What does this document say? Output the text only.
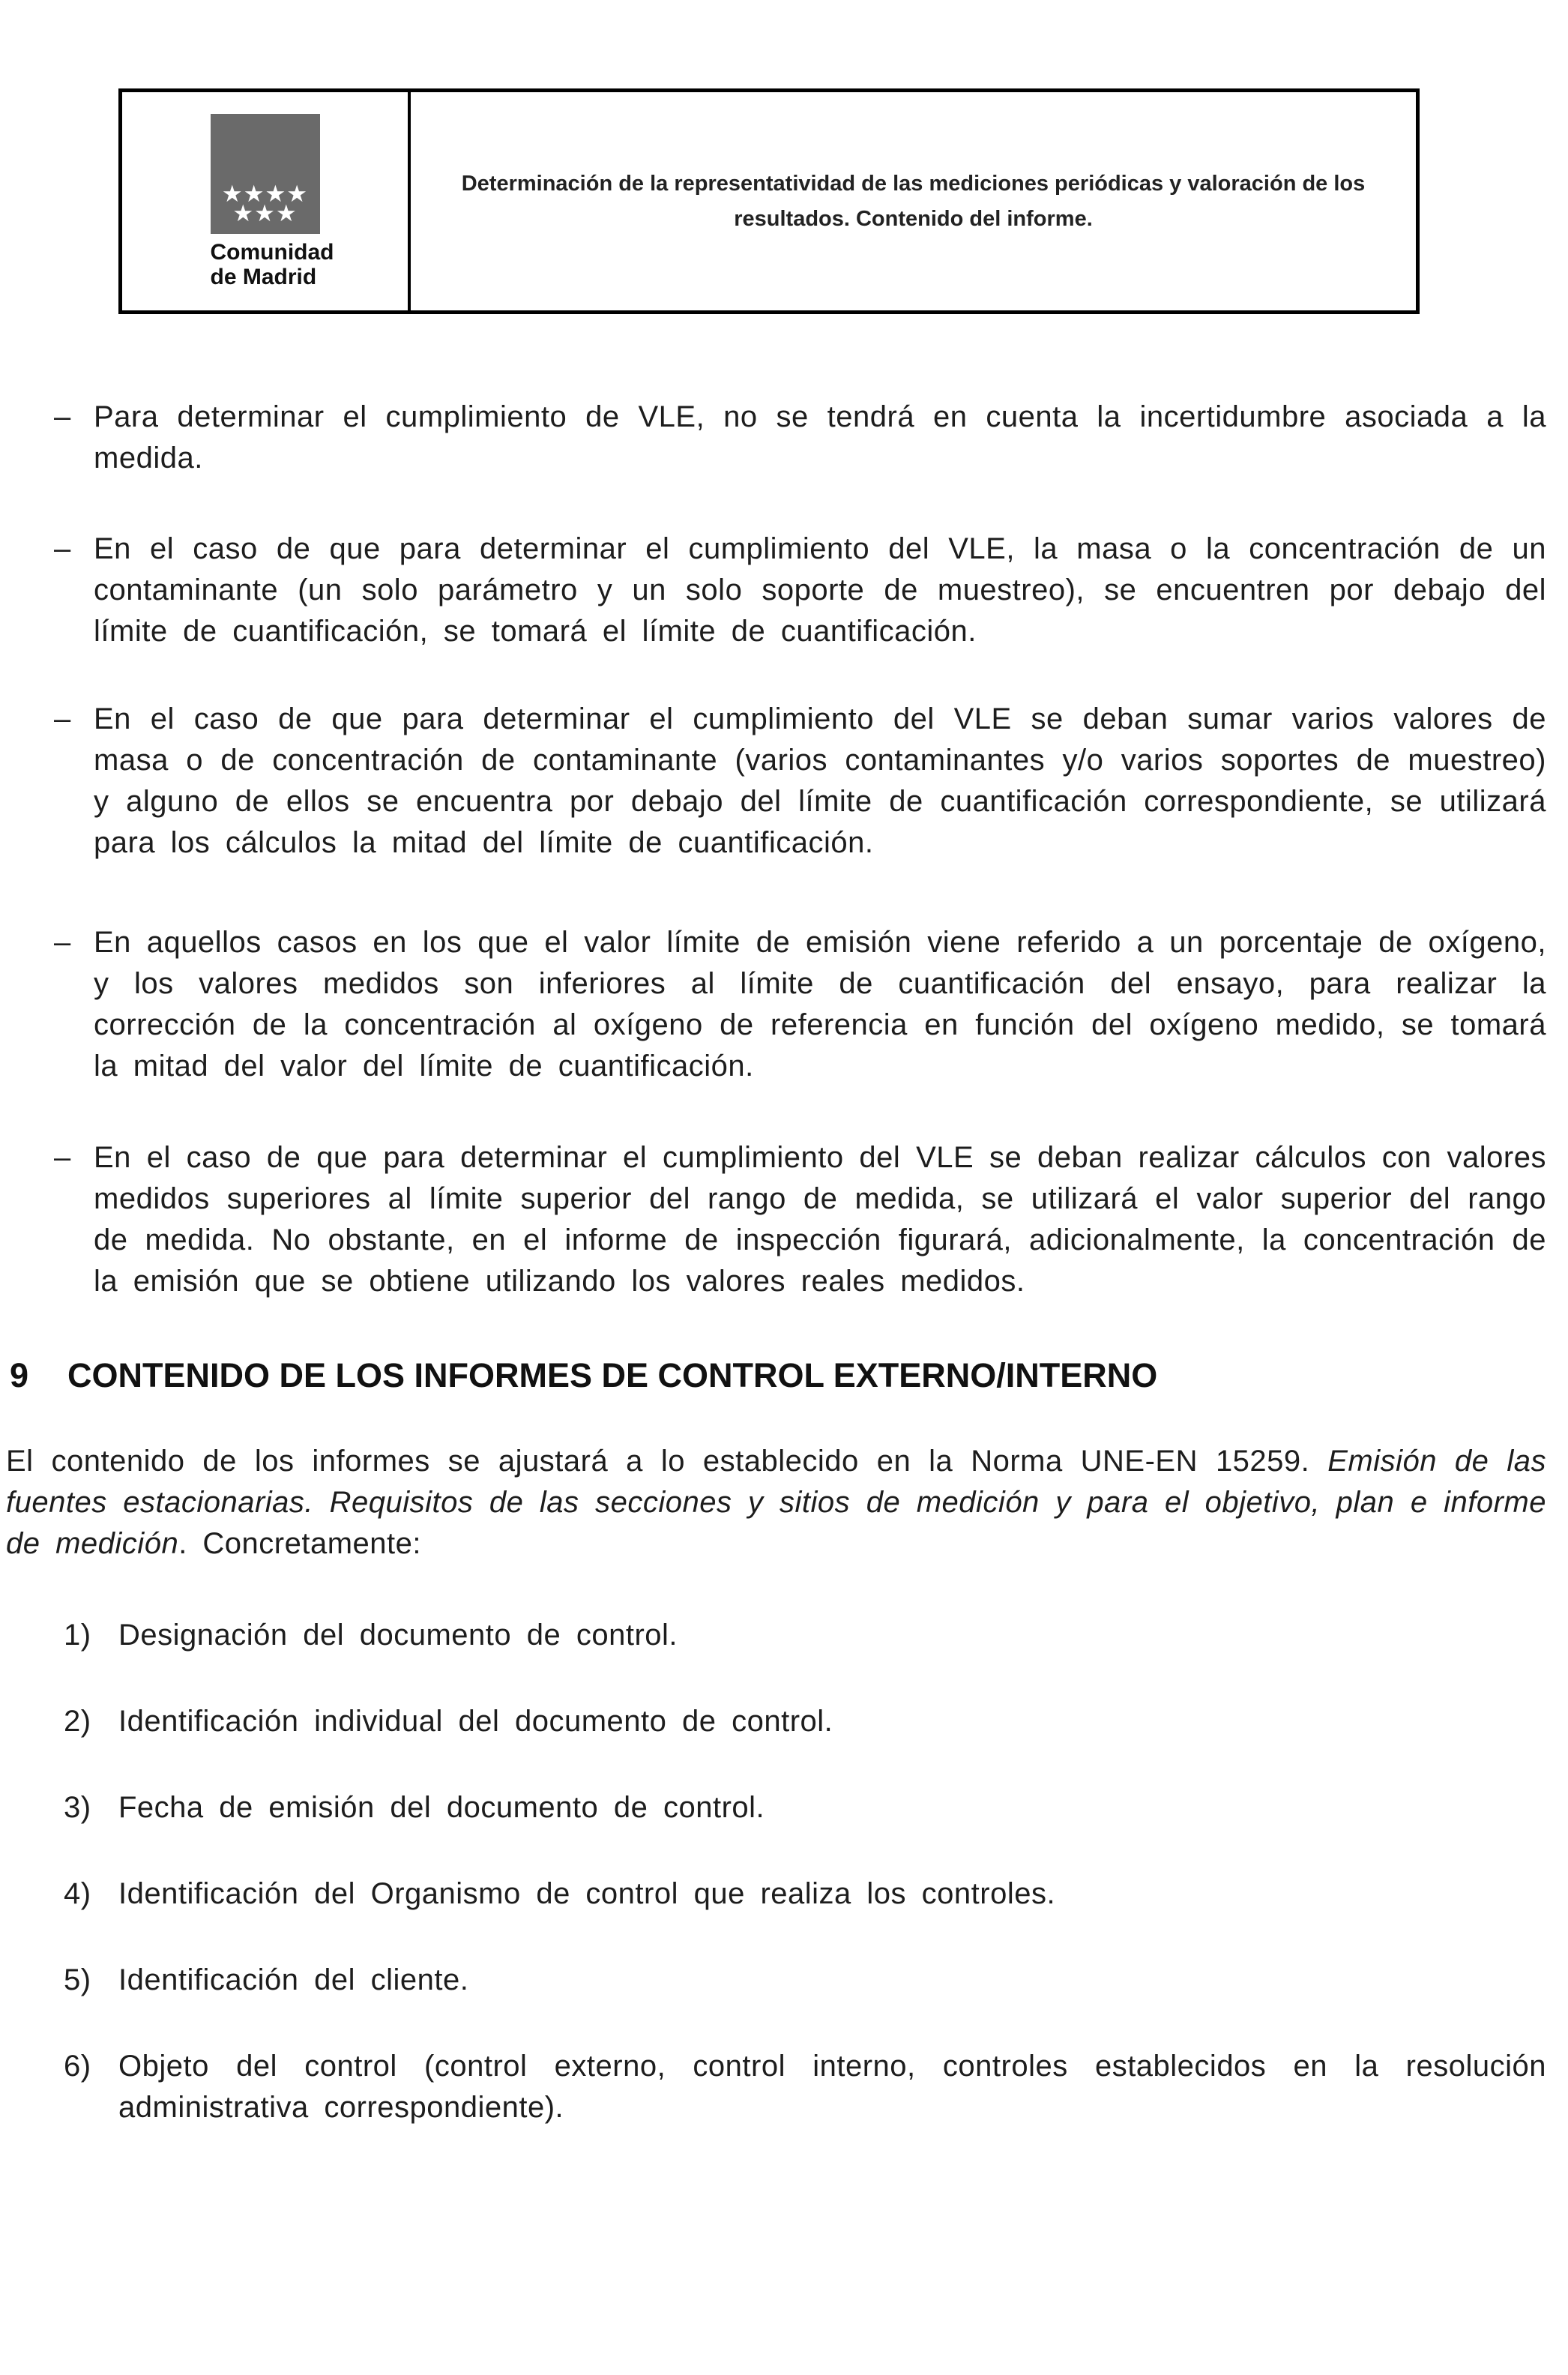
★★★★
★★★
Comunidad
de Madrid

Determinación de la representatividad de las mediciones periódicas y valoración de los resultados. Contenido del informe.

– Para determinar el cumplimiento de VLE, no se tendrá en cuenta la incertidumbre asociada a la medida.
– En el caso de que para determinar el cumplimiento del VLE, la masa o la concentración de un contaminante (un solo parámetro y un solo soporte de muestreo), se encuentren por debajo del límite de cuantificación, se tomará el límite de cuantificación.
– En el caso de que para determinar el cumplimiento del VLE se deban sumar varios valores de masa o de concentración de contaminante (varios contaminantes y/o varios soportes de muestreo) y alguno de ellos se encuentra por debajo del límite de cuantificación correspondiente, se utilizará para los cálculos la mitad del límite de cuantificación.
– En aquellos casos en los que el valor límite de emisión viene referido a un porcentaje de oxígeno, y los valores medidos son inferiores al límite de cuantificación del ensayo, para realizar la corrección de la concentración al oxígeno de referencia en función del oxígeno medido, se tomará la mitad del valor del límite de cuantificación.
– En el caso de que para determinar el cumplimiento del VLE se deban realizar cálculos con valores medidos superiores al límite superior del rango de medida, se utilizará el valor superior del rango de medida. No obstante, en el informe de inspección figurará, adicionalmente, la concentración de la emisión que se obtiene utilizando los valores reales medidos.
9	CONTENIDO DE LOS INFORMES DE CONTROL EXTERNO/INTERNO

El contenido de los informes se ajustará a lo establecido en la Norma UNE-EN 15259. Emisión de las fuentes estacionarias. Requisitos de las secciones y sitios de medición y para el objetivo, plan e informe de medición. Concretamente:

1) Designación del documento de control.
2) Identificación individual del documento de control.
3) Fecha de emisión del documento de control.
4) Identificación del Organismo de control que realiza los controles.
5) Identificación del cliente.
6) Objeto del control (control externo, control interno, controles establecidos en la resolución administrativa correspondiente).
